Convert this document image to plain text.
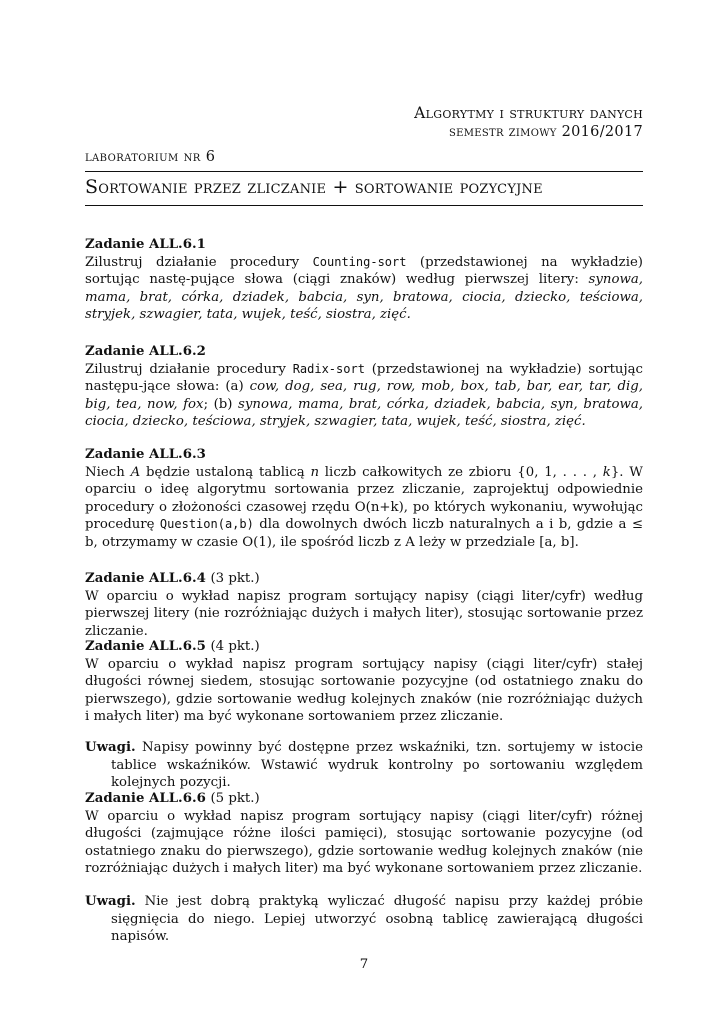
Algorytmy i struktury danych
semestr zimowy 2016/2017
laboratorium nr 6
Sortowanie przez zliczanie + sortowanie pozycyjne
Zadanie ALL.6.1

Zilustruj działanie procedury Counting-sort (przedstawionej na wykładzie) sortując nastę-pujące słowa (ciągi znaków) według pierwszej litery: synowa, mama, brat, córka, dziadek, babcia, syn, bratowa, ciocia, dziecko, teściowa, stryjek, szwagier, tata, wujek, teść, siostra, zięć.

Zadanie ALL.6.2

Zilustruj działanie procedury Radix-sort (przedstawionej na wykładzie) sortując następu-jące słowa: (a) cow, dog, sea, rug, row, mob, box, tab, bar, ear, tar, dig, big, tea, now, fox; (b) synowa, mama, brat, córka, dziadek, babcia, syn, bratowa, ciocia, dziecko, teściowa, stryjek, szwagier, tata, wujek, teść, siostra, zięć.

Zadanie ALL.6.3

Niech A będzie ustaloną tablicą n liczb całkowitych ze zbioru {0, 1, . . . , k}. W oparciu o ideę algorytmu sortowania przez zliczanie, zaprojektuj odpowiednie procedury o złożoności czasowej rzędu O(n+k), po których wykonaniu, wywołując procedurę Question(a,b) dla dowolnych dwóch liczb naturalnych a i b, gdzie a ≤ b, otrzymamy w czasie O(1), ile spośród liczb z A leży w przedziale [a, b].

Zadanie ALL.6.4 (3 pkt.)

W oparciu o wykład napisz program sortujący napisy (ciągi liter/cyfr) według pierwszej litery (nie rozróżniając dużych i małych liter), stosując sortowanie przez zliczanie.

Zadanie ALL.6.5 (4 pkt.)

W oparciu o wykład napisz program sortujący napisy (ciągi liter/cyfr) stałej długości równej siedem, stosując sortowanie pozycyjne (od ostatniego znaku do pierwszego), gdzie sortowanie według kolejnych znaków (nie rozróżniając dużych i małych liter) ma być wykonane sortowaniem przez zliczanie.

Uwagi. Napisy powinny być dostępne przez wskaźniki, tzn. sortujemy w istocie tablice wskaźników. Wstawić wydruk kontrolny po sortowaniu względem kolejnych pozycji.

Zadanie ALL.6.6 (5 pkt.)

W oparciu o wykład napisz program sortujący napisy (ciągi liter/cyfr) różnej długości (zajmujące różne ilości pamięci), stosując sortowanie pozycyjne (od ostatniego znaku do pierwszego), gdzie sortowanie według kolejnych znaków (nie rozróżniając dużych i małych liter) ma być wykonane sortowaniem przez zliczanie.

Uwagi. Nie jest dobrą praktyką wyliczać długość napisu przy każdej próbie sięgnięcia do niego. Lepiej utworzyć osobną tablicę zawierającą długości napisów.

7
